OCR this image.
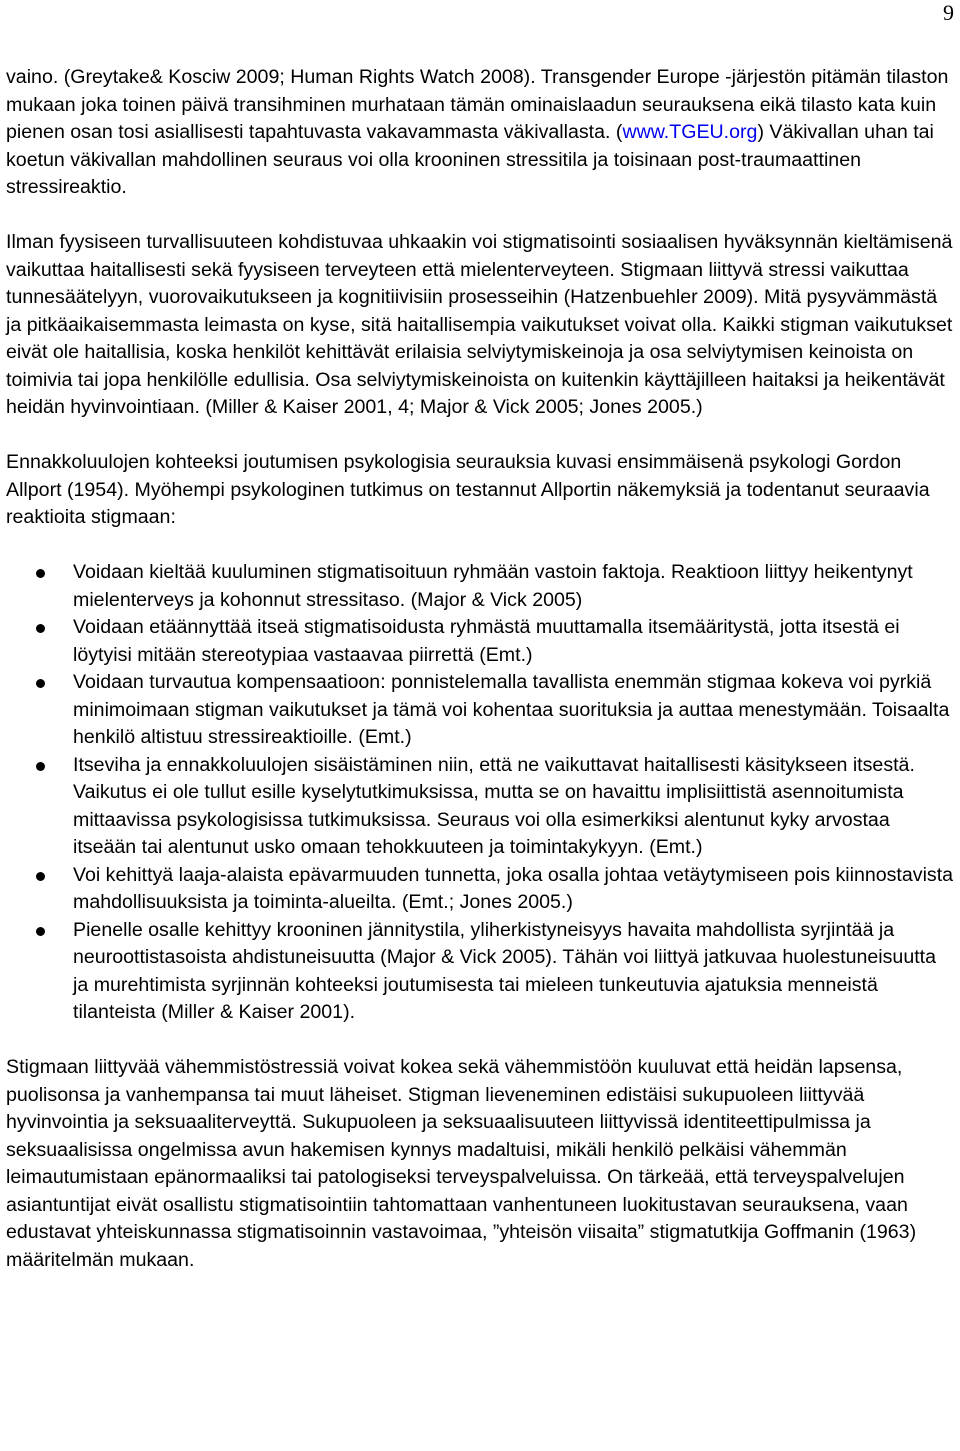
9

vaino. (Greytake& Kosciw 2009; Human Rights Watch 2008). Transgender Europe -järjestön pitämän tilaston mukaan joka toinen päivä transihminen murhataan tämän ominaislaadun seurauksena eikä tilasto kata kuin pienen osan tosi asiallisesti tapahtuvasta vakavammasta väkivallasta. (www.TGEU.org) Väkivallan uhan tai koetun väkivallan mahdollinen seuraus voi olla krooninen stressitila ja toisinaan post-traumaattinen stressireaktio.

Ilman fyysiseen turvallisuuteen kohdistuvaa uhkaakin voi stigmatisointi sosiaalisen hyväksynnän kieltämisenä vaikuttaa haitallisesti sekä fyysiseen terveyteen että mielenterveyteen. Stigmaan liittyvä stressi vaikuttaa tunnesäätelyyn, vuorovaikutukseen ja kognitiivisiin prosesseihin (Hatzenbuehler 2009). Mitä pysyvämmästä ja pitkäaikaisemmasta leimasta on kyse, sitä haitallisempia vaikutukset voivat olla. Kaikki stigman vaikutukset eivät ole haitallisia, koska henkilöt kehittävät erilaisia selviytymiskeinoja ja osa selviytymisen keinoista on toimivia tai jopa henkilölle edullisia. Osa selviytymiskeinoista on kuitenkin käyttäjilleen haitaksi ja heikentävät heidän hyvinvointiaan. (Miller & Kaiser 2001, 4; Major & Vick 2005; Jones 2005.)

Ennakkoluulojen kohteeksi joutumisen psykologisia seurauksia kuvasi ensimmäisenä psykologi Gordon Allport (1954). Myöhempi psykologinen tutkimus on testannut Allportin näkemyksiä ja todentanut seuraavia reaktioita stigmaan:

Voidaan kieltää kuuluminen stigmatisoituun ryhmään vastoin faktoja. Reaktioon liittyy heikentynyt mielenterveys ja kohonnut stressitaso. (Major & Vick 2005)
Voidaan etäännyttää itseä stigmatisoidusta ryhmästä muuttamalla itsemääritystä, jotta itsestä ei löytyisi mitään stereotypiaa vastaavaa piirrettä (Emt.)
Voidaan turvautua kompensaatioon: ponnistelemalla tavallista enemmän stigmaa kokeva voi pyrkiä minimoimaan stigman vaikutukset ja tämä voi kohentaa suorituksia ja auttaa menestymään. Toisaalta henkilö altistuu stressireaktioille. (Emt.)
Itseviha ja ennakkoluulojen sisäistäminen niin, että ne vaikuttavat haitallisesti käsitykseen itsestä. Vaikutus ei ole tullut esille kyselytutkimuksissa, mutta se on havaittu implisiittistä asennoitumista mittaavissa psykologisissa tutkimuksissa. Seuraus voi olla esimerkiksi alentunut kyky arvostaa itseään tai alentunut usko omaan tehokkuuteen ja toimintakykyyn. (Emt.)
Voi kehittyä laaja-alaista epävarmuuden tunnetta, joka osalla johtaa vetäytymiseen pois kiinnostavista mahdollisuuksista ja toiminta-alueilta. (Emt.; Jones 2005.)
Pienelle osalle kehittyy krooninen jännitystila, yliherkistyneisyys havaita mahdollista syrjintää ja neuroottistasoista ahdistuneisuutta (Major & Vick 2005). Tähän voi liittyä jatkuvaa huolestuneisuutta ja murehtimista syrjinnän kohteeksi joutumisesta tai mieleen tunkeutuvia ajatuksia menneistä tilanteista (Miller & Kaiser 2001).

Stigmaan liittyvää vähemmistöstressiä voivat kokea sekä vähemmistöön kuuluvat että heidän lapsensa, puolisonsa ja vanhempansa tai muut läheiset. Stigman lieveneminen edistäisi sukupuoleen liittyvää hyvinvointia ja seksuaaliterveyttä. Sukupuoleen ja seksuaalisuuteen liittyvissä identiteettipulmissa ja seksuaalisissa ongelmissa avun hakemisen kynnys madaltuisi, mikäli henkilö pelkäisi vähemmän leimautumistaan epänormaaliksi tai patologiseksi terveyspalveluissa. On tärkeää, että terveyspalvelujen asiantuntijat eivät osallistu stigmatisointiin tahtomattaan vanhentuneen luokitustavan seurauksena, vaan edustavat yhteiskunnassa stigmatisoinnin vastavoimaa, ”yhteisön viisaita” stigmatutkija Goffmanin (1963) määritelmän mukaan.
